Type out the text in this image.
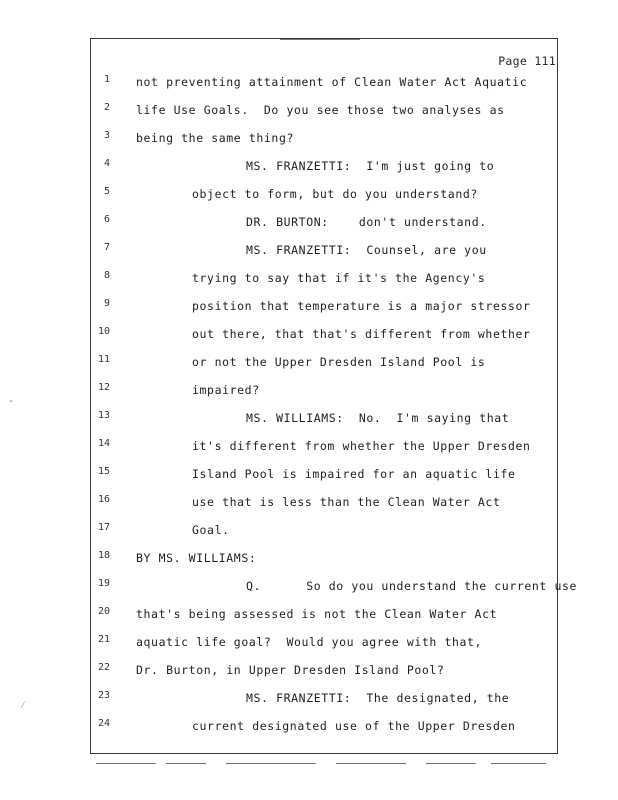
Page 111
1 not preventing attainment of Clean Water Act Aquatic
2 life Use Goals.  Do you see those two analyses as
3 being the same thing?
4	MS. FRANZETTI:  I'm just going to
5	object to form, but do you understand?
6	DR. BURTON:    don't understand.
7	MS. FRANZETTI:  Counsel, are you
8	trying to say that if it's the Agency's
9	position that temperature is a major stressor
10	out there, that that's different from whether
11	or not the Upper Dresden Island Pool is
12	impaired?
13	MS. WILLIAMS:  No.  I'm saying that
14	it's different from whether the Upper Dresden
15	Island Pool is impaired for an aquatic life
16	use that is less than the Clean Water Act
17	Goal.
18 BY MS. WILLIAMS:
19	Q.      So do you understand the current use
20 that's being assessed is not the Clean Water Act
21 aquatic life goal?  Would you agree with that,
22 Dr. Burton, in Upper Dresden Island Pool?
23	MS. FRANZETTI:  The designated, the
24	current designated use of the Upper Dresden
ˇ
⁄
